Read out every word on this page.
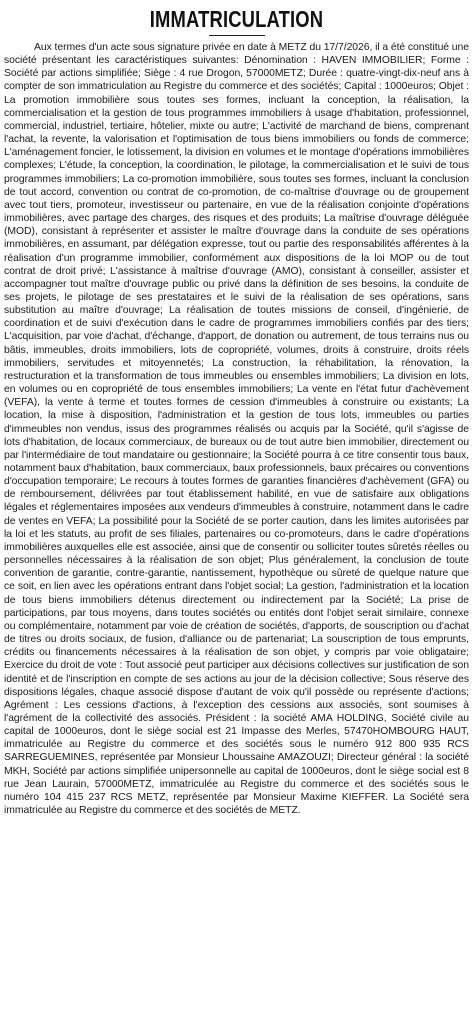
IMMATRICULATION

Aux termes d'un acte sous signature privée en date à METZ du 17/7/2026, il a été constitué une société présentant les caractéristiques suivantes: Dénomination : HAVEN IMMOBILIER; Forme : Société par actions simplifiée; Siège : 4 rue Drogon, 57000METZ; Durée : quatre-vingt-dix-neuf ans à compter de son immatriculation au Registre du commerce et des sociétés; Capital : 1000euros; Objet : La promotion immobilière sous toutes ses formes, incluant la conception, la réalisation, la commercialisation et la gestion de tous programmes immobiliers à usage d'habitation, professionnel, commercial, industriel, tertiaire, hôtelier, mixte ou autre; L'activité de marchand de biens, comprenant l'achat, la revente, la valorisation et l'optimisation de tous biens immobiliers ou fonds de commerce; L'aménagement foncier, le lotissement, la division en volumes et le montage d'opérations immobilières complexes; L'étude, la conception, la coordination, le pilotage, la commercialisation et le suivi de tous programmes immobiliers; La co-promotion immobilière, sous toutes ses formes, incluant la conclusion de tout accord, convention ou contrat de co-promotion, de co-maîtrise d'ouvrage ou de groupement avec tout tiers, promoteur, investisseur ou partenaire, en vue de la réalisation conjointe d'opérations immobilières, avec partage des charges, des risques et des produits; La maîtrise d'ouvrage déléguée (MOD), consistant à représenter et assister le maître d'ouvrage dans la conduite de ses opérations immobilières, en assumant, par délégation expresse, tout ou partie des responsabilités afférentes à la réalisation d'un programme immobilier, conformément aux dispositions de la loi MOP ou de tout contrat de droit privé; L'assistance à maîtrise d'ouvrage (AMO), consistant à conseiller, assister et accompagner tout maître d'ouvrage public ou privé dans la définition de ses besoins, la conduite de ses projets, le pilotage de ses prestataires et le suivi de la réalisation de ses opérations, sans substitution au maître d'ouvrage; La réalisation de toutes missions de conseil, d'ingénierie, de coordination et de suivi d'exécution dans le cadre de programmes immobiliers confiés par des tiers; L'acquisition, par voie d'achat, d'échange, d'apport, de donation ou autrement, de tous terrains nus ou bâtis, immeubles, droits immobiliers, lots de copropriété, volumes, droits à construire, droits réels immobiliers, servitudes et mitoyennetés; La construction, la réhabilitation, la rénovation, la restructuration et la transformation de tous immeubles ou ensembles immobiliers; La division en lots, en volumes ou en copropriété de tous ensembles immobiliers; La vente en l'état futur d'achèvement (VEFA), la vente à terme et toutes formes de cession d'immeubles à construire ou existants; La location, la mise à disposition, l'administration et la gestion de tous lots, immeubles ou parties d'immeubles non vendus, issus des programmes réalisés ou acquis par la Société, qu'il s'agisse de lots d'habitation, de locaux commerciaux, de bureaux ou de tout autre bien immobilier, directement ou par l'intermédiaire de tout mandataire ou gestionnaire; la Société pourra à ce titre consentir tous baux, notamment baux d'habitation, baux commerciaux, baux professionnels, baux précaires ou conventions d'occupation temporaire; Le recours à toutes formes de garanties financières d'achèvement (GFA) ou de remboursement, délivrées par tout établissement habilité, en vue de satisfaire aux obligations légales et réglementaires imposées aux vendeurs d'immeubles à construire, notamment dans le cadre de ventes en VEFA; La possibilité pour la Société de se porter caution, dans les limites autorisées par la loi et les statuts, au profit de ses filiales, partenaires ou co-promoteurs, dans le cadre d'opérations immobilières auxquelles elle est associée, ainsi que de consentir ou solliciter toutes sûretés réelles ou personnelles nécessaires à la réalisation de son objet; Plus généralement, la conclusion de toute convention de garantie, contre-garantie, nantissement, hypothèque ou sûreté de quelque nature que ce soit, en lien avec les opérations entrant dans l'objet social; La gestion, l'administration et la location de tous biens immobiliers détenus directement ou indirectement par la Société; La prise de participations, par tous moyens, dans toutes sociétés ou entités dont l'objet serait similaire, connexe ou complémentaire, notamment par voie de création de sociétés, d'apports, de souscription ou d'achat de titres ou droits sociaux, de fusion, d'alliance ou de partenariat; La souscription de tous emprunts, crédits ou financements nécessaires à la réalisation de son objet, y compris par voie obligataire; Exercice du droit de vote : Tout associé peut participer aux décisions collectives sur justification de son identité et de l'inscription en compte de ses actions au jour de la décision collective; Sous réserve des dispositions légales, chaque associé dispose d'autant de voix qu'il possède ou représente d'actions; Agrément : Les cessions d'actions, à l'exception des cessions aux associés, sont soumises à l'agrément de la collectivité des associés. Président : la société AMA HOLDING, Société civile au capital de 1000euros, dont le siège social est 21 Impasse des Merles, 57470HOMBOURG HAUT, immatriculée au Registre du commerce et des sociétés sous le numéro 912 800 935 RCS SARREGUEMINES, représentée par Monsieur Lhoussaine AMAZOUZI; Directeur général : la société MKH, Société par actions simplifiée unipersonnelle au capital de 1000euros, dont le siège social est 8 rue Jean Laurain, 57000METZ, immatriculée au Registre du commerce et des sociétés sous le numéro 104 415 237 RCS METZ, représentée par Monsieur Maxime KIEFFER. La Société sera immatriculée au Registre du commerce et des sociétés de METZ.
